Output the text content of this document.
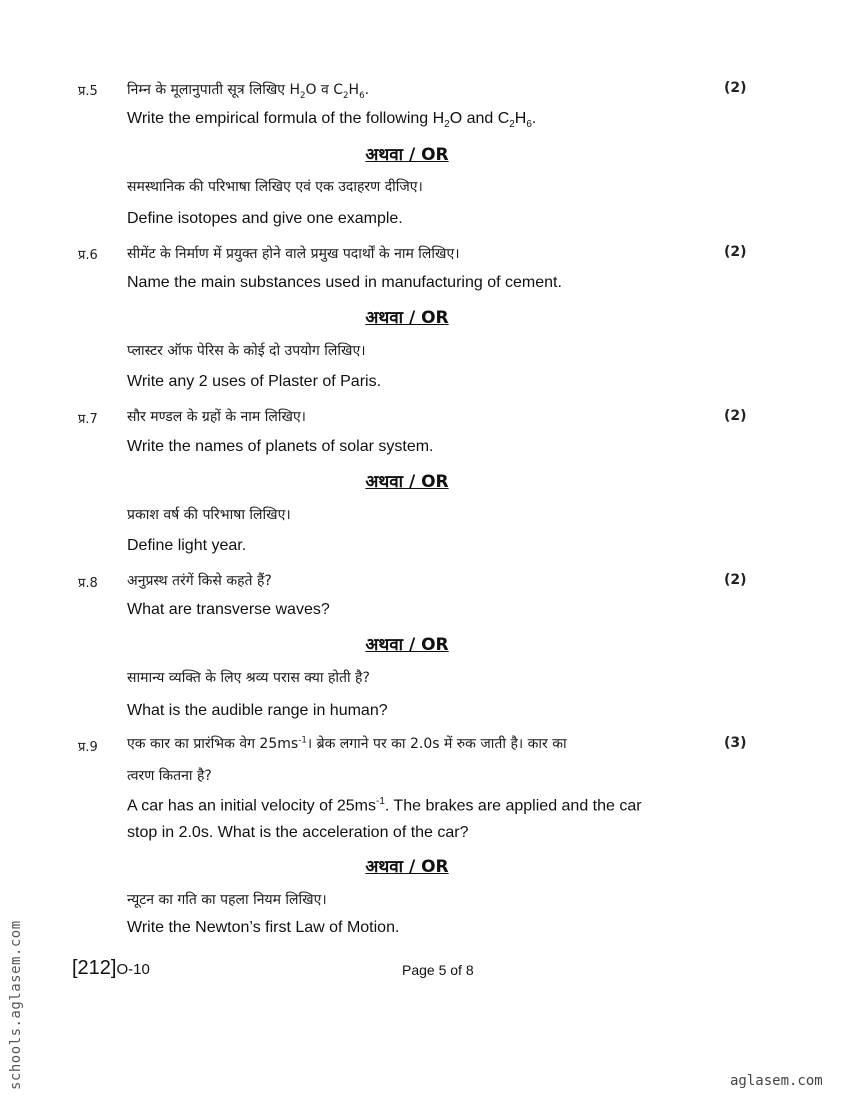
प्र.5	(2)
निम्न के मूलानुपाती सूत्र लिखिए $H_2O$ व $C_2H_6$.
Write the empirical formula of the following $H_2O$ and $C_2H_6$.
अथवा / OR
समस्थानिक की परिभाषा लिखिए एवं एक उदाहरण दीजिए।
Define isotopes and give one example.
प्र.6	(2)
सीमेंट के निर्माण में प्रयुक्त होने वाले प्रमुख पदार्थों के नाम लिखिए।
Name the main substances used in manufacturing of cement.
अथवा / OR
प्लास्टर ऑफ पेरिस के कोई दो उपयोग लिखिए।
Write any 2 uses of Plaster of Paris.
प्र.7	(2)
सौर मण्डल के ग्रहों के नाम लिखिए।
Write the names of planets of solar system.
अथवा / OR
प्रकाश वर्ष की परिभाषा लिखिए।
Define light year.
प्र.8	(2)
अनुप्रस्थ तरंगें किसे कहते हैं?
What are transverse waves?
अथवा / OR
सामान्य व्यक्ति के लिए श्रव्य परास क्या होती है?
What is the audible range in human?
प्र.9	(3)
एक कार का प्रारंभिक वेग $25ms^{-1}।$ ब्रेक लगाने पर का 2.0s में रुक जाती है। कार का
त्वरण कितना है?
A car has an initial velocity of $25ms^{-1}$. The brakes are applied and the car
stop in 2.0s. What is the acceleration of the car?
अथवा / OR
न्यूटन का गति का पहला नियम लिखिए।
Write the Newton’s first Law of Motion.
[212]O-10	Page 5 of 8
schools.aglasem.com	aglasem.com
